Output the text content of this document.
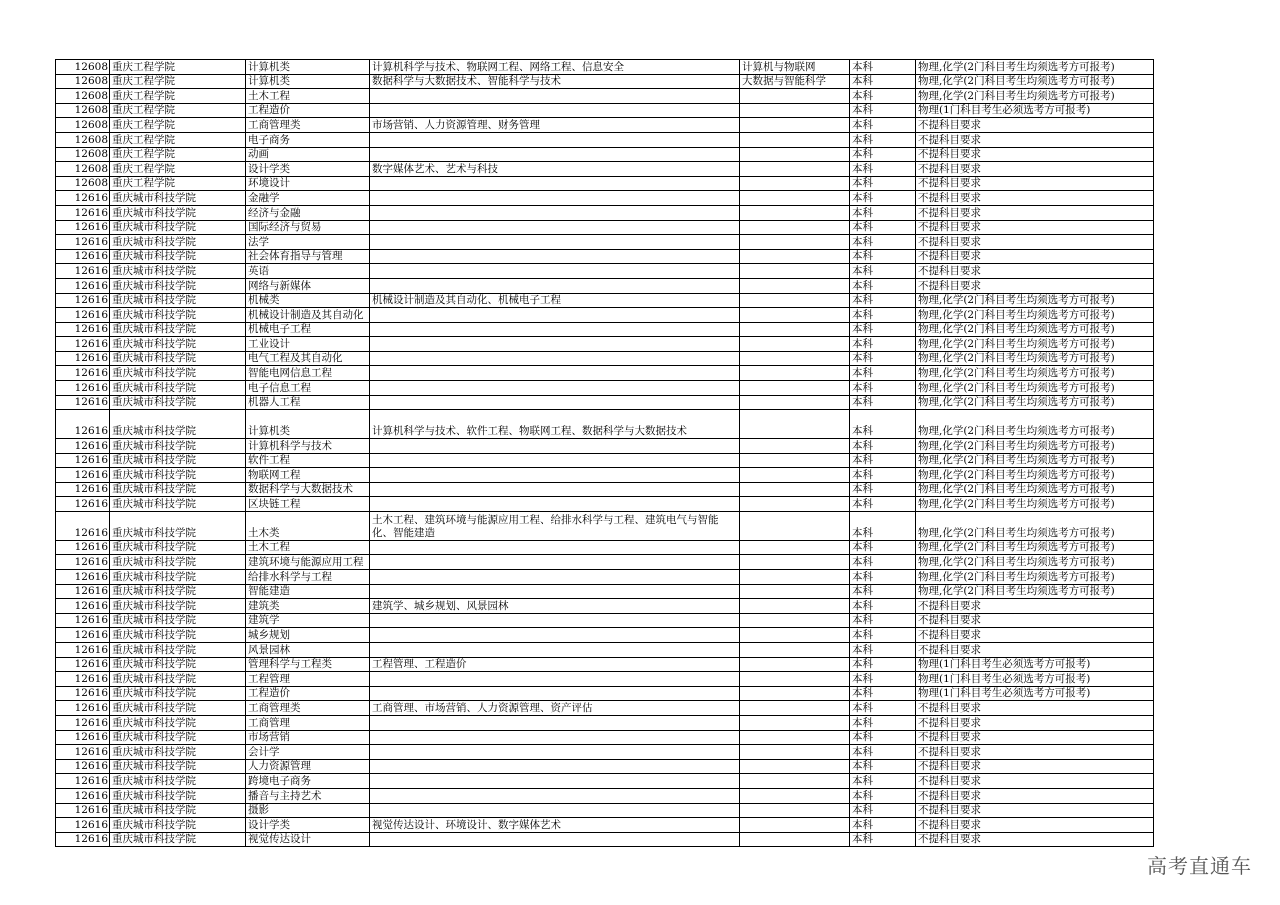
12608	重庆工程学院	计算机类	计算机科学与技术、物联网工程、网络工程、信息安全	计算机与物联网	本科	物理,化学(2门科目考生均须选考方可报考)
12608	重庆工程学院	计算机类	数据科学与大数据技术、智能科学与技术	大数据与智能科学	本科	物理,化学(2门科目考生均须选考方可报考)
12608	重庆工程学院	土木工程			本科	物理,化学(2门科目考生均须选考方可报考)
12608	重庆工程学院	工程造价			本科	物理(1门科目考生必须选考方可报考)
12608	重庆工程学院	工商管理类	市场营销、人力资源管理、财务管理		本科	不提科目要求
12608	重庆工程学院	电子商务			本科	不提科目要求
12608	重庆工程学院	动画			本科	不提科目要求
12608	重庆工程学院	设计学类	数字媒体艺术、艺术与科技		本科	不提科目要求
12608	重庆工程学院	环境设计			本科	不提科目要求
12616	重庆城市科技学院	金融学			本科	不提科目要求
12616	重庆城市科技学院	经济与金融			本科	不提科目要求
12616	重庆城市科技学院	国际经济与贸易			本科	不提科目要求
12616	重庆城市科技学院	法学			本科	不提科目要求
12616	重庆城市科技学院	社会体育指导与管理			本科	不提科目要求
12616	重庆城市科技学院	英语			本科	不提科目要求
12616	重庆城市科技学院	网络与新媒体			本科	不提科目要求
12616	重庆城市科技学院	机械类	机械设计制造及其自动化、机械电子工程		本科	物理,化学(2门科目考生均须选考方可报考)
12616	重庆城市科技学院	机械设计制造及其自动化			本科	物理,化学(2门科目考生均须选考方可报考)
12616	重庆城市科技学院	机械电子工程			本科	物理,化学(2门科目考生均须选考方可报考)
12616	重庆城市科技学院	工业设计			本科	物理,化学(2门科目考生均须选考方可报考)
12616	重庆城市科技学院	电气工程及其自动化			本科	物理,化学(2门科目考生均须选考方可报考)
12616	重庆城市科技学院	智能电网信息工程			本科	物理,化学(2门科目考生均须选考方可报考)
12616	重庆城市科技学院	电子信息工程			本科	物理,化学(2门科目考生均须选考方可报考)
12616	重庆城市科技学院	机器人工程			本科	物理,化学(2门科目考生均须选考方可报考)
12616	重庆城市科技学院	计算机类	计算机科学与技术、软件工程、物联网工程、数据科学与大数据技术		本科	物理,化学(2门科目考生均须选考方可报考)
12616	重庆城市科技学院	计算机科学与技术			本科	物理,化学(2门科目考生均须选考方可报考)
12616	重庆城市科技学院	软件工程			本科	物理,化学(2门科目考生均须选考方可报考)
12616	重庆城市科技学院	物联网工程			本科	物理,化学(2门科目考生均须选考方可报考)
12616	重庆城市科技学院	数据科学与大数据技术			本科	物理,化学(2门科目考生均须选考方可报考)
12616	重庆城市科技学院	区块链工程			本科	物理,化学(2门科目考生均须选考方可报考)
12616	重庆城市科技学院	土木类	土木工程、建筑环境与能源应用工程、给排水科学与工程、建筑电气与智能化、智能建造		本科	物理,化学(2门科目考生均须选考方可报考)
12616	重庆城市科技学院	土木工程			本科	物理,化学(2门科目考生均须选考方可报考)
12616	重庆城市科技学院	建筑环境与能源应用工程			本科	物理,化学(2门科目考生均须选考方可报考)
12616	重庆城市科技学院	给排水科学与工程			本科	物理,化学(2门科目考生均须选考方可报考)
12616	重庆城市科技学院	智能建造			本科	物理,化学(2门科目考生均须选考方可报考)
12616	重庆城市科技学院	建筑类	建筑学、城乡规划、风景园林		本科	不提科目要求
12616	重庆城市科技学院	建筑学			本科	不提科目要求
12616	重庆城市科技学院	城乡规划			本科	不提科目要求
12616	重庆城市科技学院	风景园林			本科	不提科目要求
12616	重庆城市科技学院	管理科学与工程类	工程管理、工程造价		本科	物理(1门科目考生必须选考方可报考)
12616	重庆城市科技学院	工程管理			本科	物理(1门科目考生必须选考方可报考)
12616	重庆城市科技学院	工程造价			本科	物理(1门科目考生必须选考方可报考)
12616	重庆城市科技学院	工商管理类	工商管理、市场营销、人力资源管理、资产评估		本科	不提科目要求
12616	重庆城市科技学院	工商管理			本科	不提科目要求
12616	重庆城市科技学院	市场营销			本科	不提科目要求
12616	重庆城市科技学院	会计学			本科	不提科目要求
12616	重庆城市科技学院	人力资源管理			本科	不提科目要求
12616	重庆城市科技学院	跨境电子商务			本科	不提科目要求
12616	重庆城市科技学院	播音与主持艺术			本科	不提科目要求
12616	重庆城市科技学院	摄影			本科	不提科目要求
12616	重庆城市科技学院	设计学类	视觉传达设计、环境设计、数字媒体艺术		本科	不提科目要求
12616	重庆城市科技学院	视觉传达设计			本科	不提科目要求
高考直通车
